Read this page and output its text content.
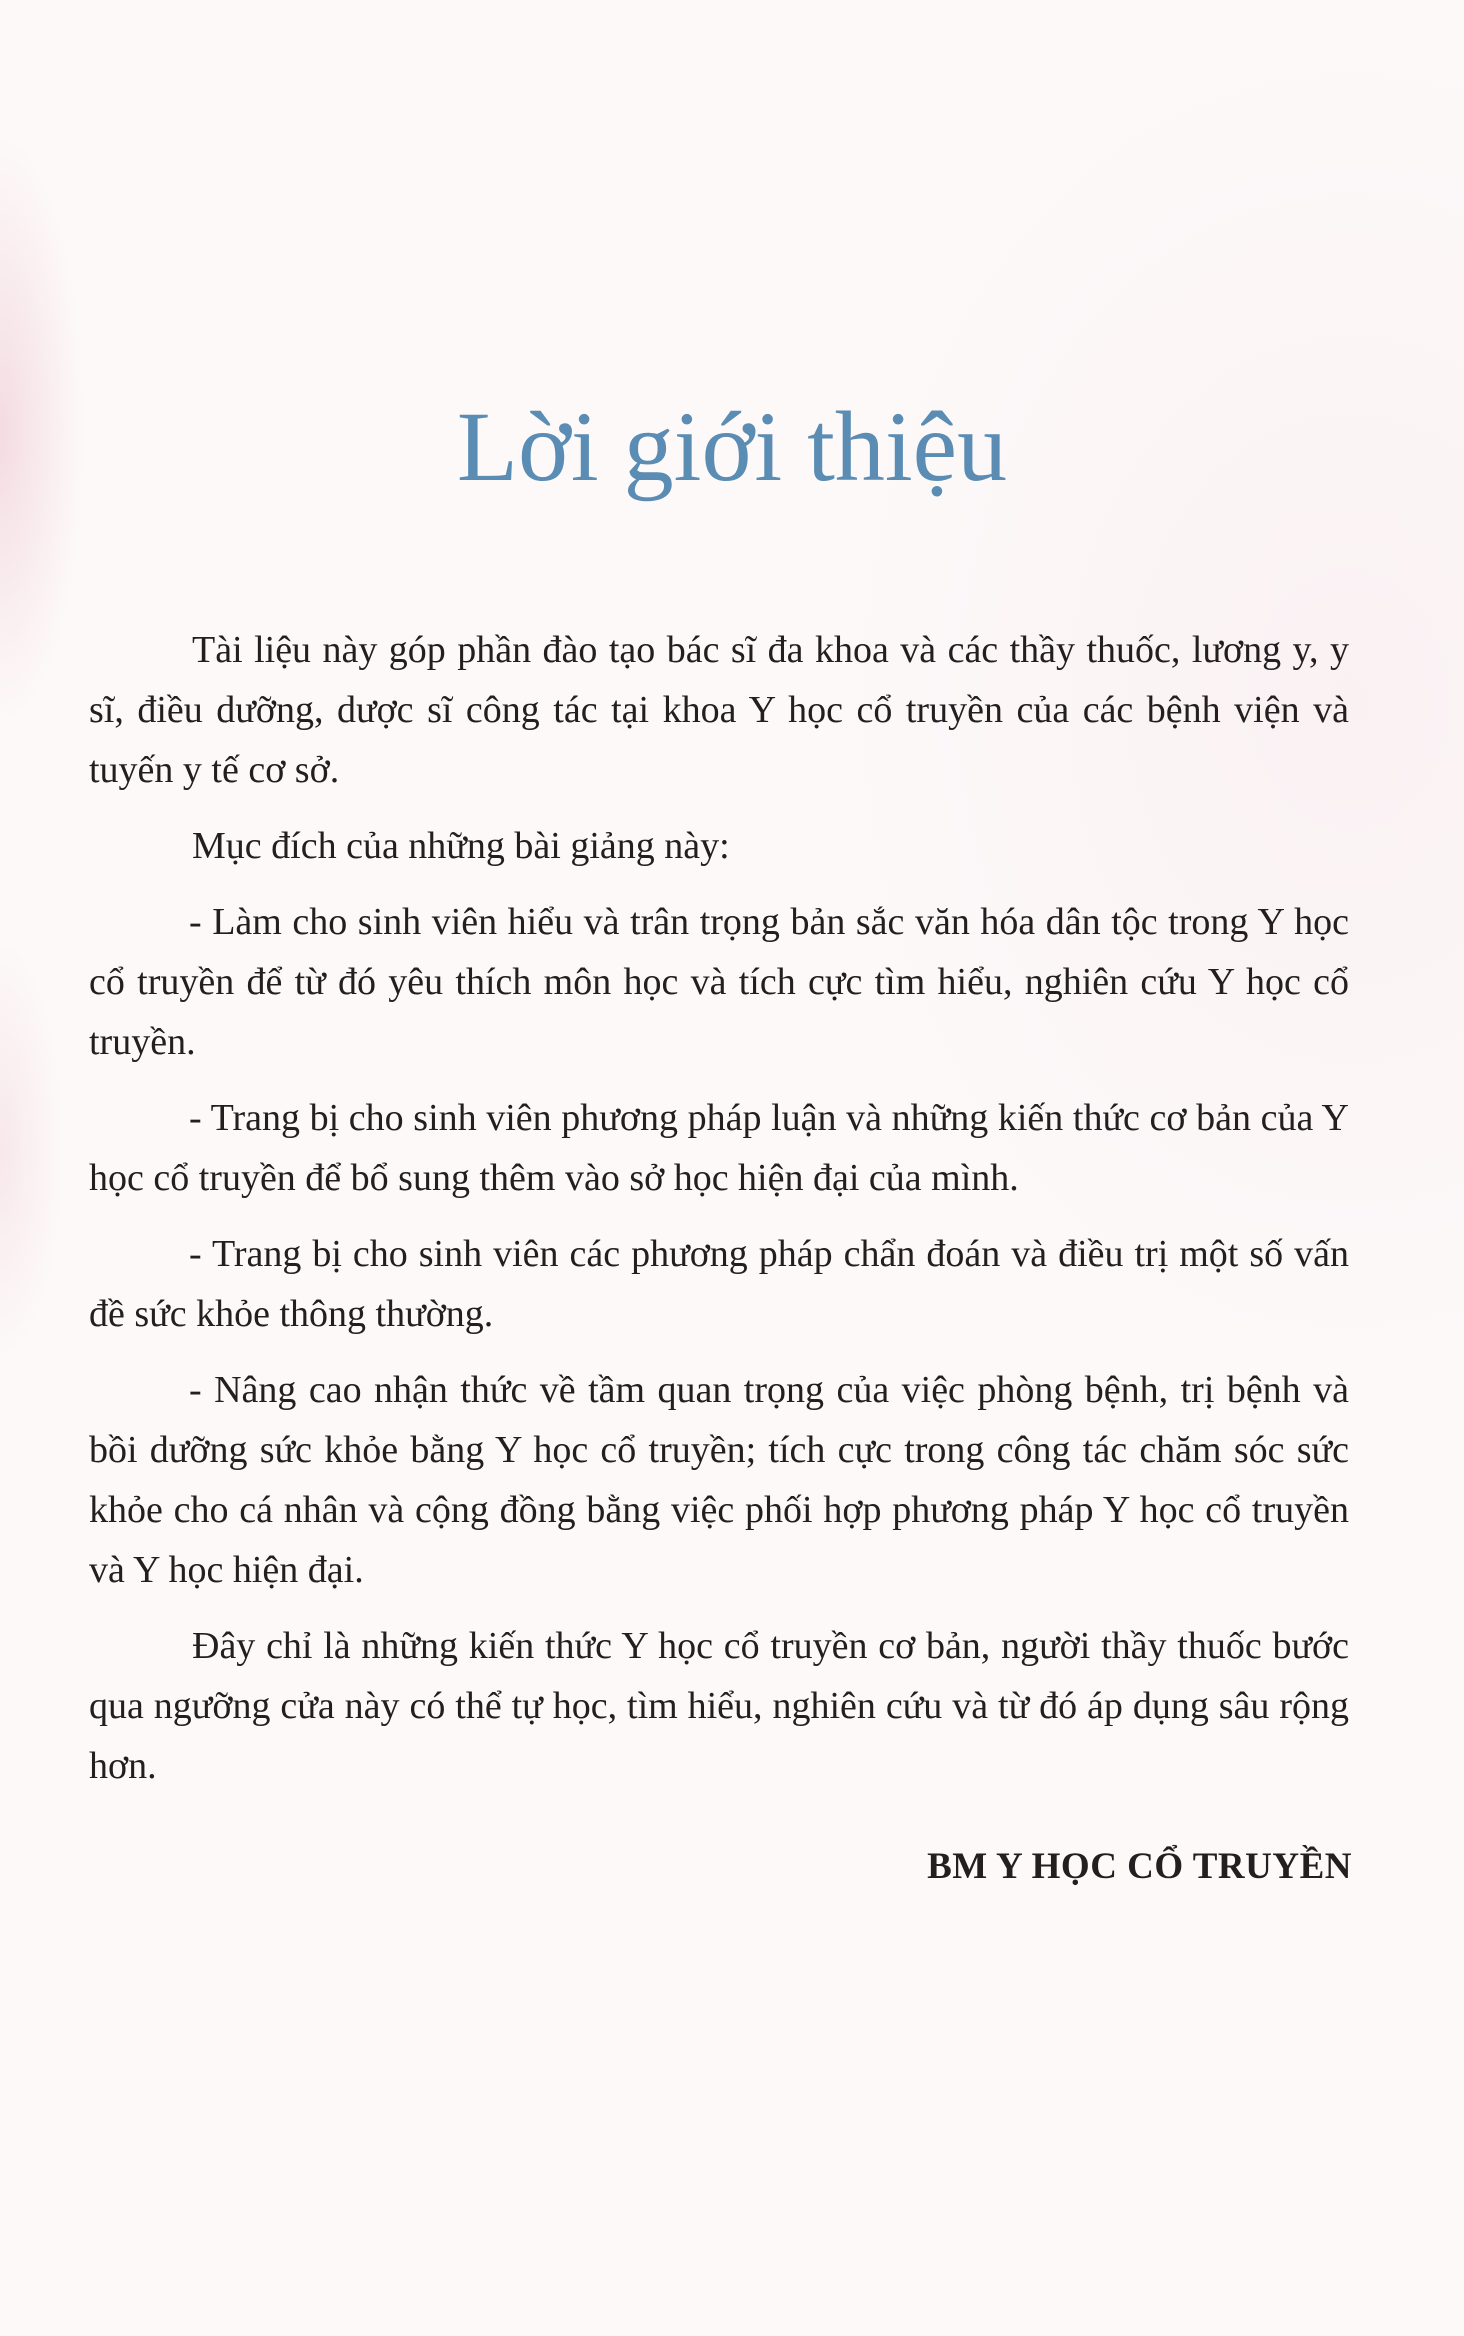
Lời giới thiệu

Tài liệu này góp phần đào tạo bác sĩ đa khoa và các thầy thuốc, lương y, y sĩ, điều dưỡng, dược sĩ công tác tại khoa Y học cổ truyền của các bệnh viện và tuyến y tế cơ sở.

Mục đích của những bài giảng này:

- Làm cho sinh viên hiểu và trân trọng bản sắc văn hóa dân tộc trong Y học cổ truyền để từ đó yêu thích môn học và tích cực tìm hiểu, nghiên cứu Y học cổ truyền.

- Trang bị cho sinh viên phương pháp luận và những kiến thức cơ bản của Y học cổ truyền để bổ sung thêm vào sở học hiện đại của mình.

- Trang bị cho sinh viên các phương pháp chẩn đoán và điều trị một số vấn đề sức khỏe thông thường.

- Nâng cao nhận thức về tầm quan trọng của việc phòng bệnh, trị bệnh và bồi dưỡng sức khỏe bằng Y học cổ truyền; tích cực trong công tác chăm sóc sức khỏe cho cá nhân và cộng đồng bằng việc phối hợp phương pháp Y học cổ truyền và Y học hiện đại.

Đây chỉ là những kiến thức Y học cổ truyền cơ bản, người thầy thuốc bước qua ngưỡng cửa này có thể tự học, tìm hiểu, nghiên cứu và từ đó áp dụng sâu rộng hơn.

BM Y HỌC CỔ TRUYỀN
